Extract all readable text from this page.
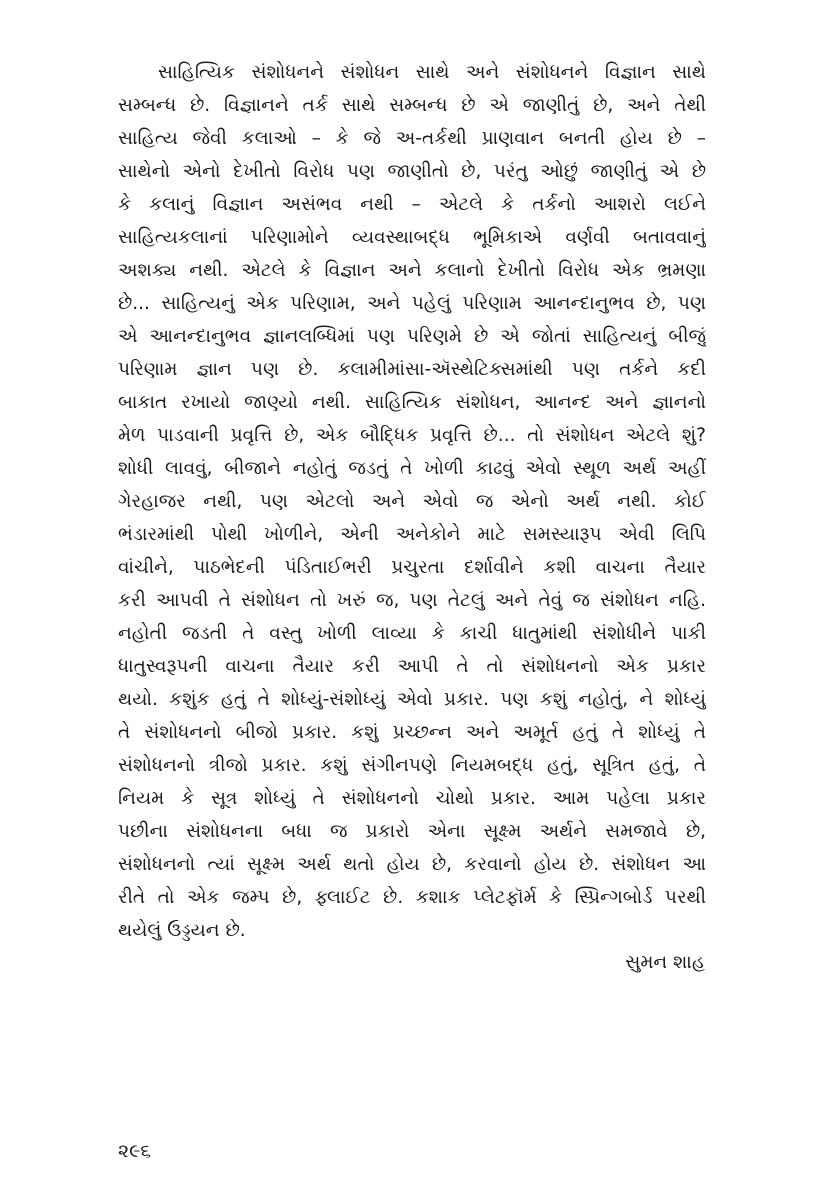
સાહિત્યિક સંશોધનને સંશોધન સાથે અને સંશોધનને વિજ્ઞાન સાથે
સમ્બન્ધ છે. વિજ્ઞાનને તર્ક સાથે સમ્બન્ધ છે એ જાણીતું છે, અને તેથી
સાહિત્ય જેવી કલાઓ – કે જે અ-તર્કથી પ્રાણવાન બનતી હોય છે –
સાથેનો એનો દેખીતો વિરોધ પણ જાણીતો છે, પરંતુ ઓછું જાણીતું એ છે
કે કલાનું વિજ્ઞાન અસંભવ નથી – એટલે કે તર્કનો આશરો લઈને
સાહિત્યકલાનાં પરિણામોને વ્યવસ્થાબદ્ધ ભૂમિકાએ વર્ણવી બતાવવાનું
અશક્ય નથી. એટલે કે વિજ્ઞાન અને કલાનો દેખીતો વિરોધ એક ભ્રમણા
છે... સાહિત્યનું એક પરિણામ, અને પહેલું પરિણામ આનન્દાનુભવ છે, પણ
એ આનન્દાનુભવ જ્ઞાનલબ્ધિમાં પણ પરિણમે છે એ જોતાં સાહિત્યનું બીજું
પરિણામ જ્ઞાન પણ છે. કલામીમાંસા-ઍસ્થેટિક્સમાંથી પણ તર્કને કદી
બાકાત રખાયો જાણ્યો નથી. સાહિત્યિક સંશોધન, આનન્દ અને જ્ઞાનનો
મેળ પાડવાની પ્રવૃત્તિ છે, એક બૌદ્ધિક પ્રવૃત્તિ છે... તો સંશોધન એટલે શું?
શોધી લાવવું, બીજાને નહોતું જડતું તે ખોળી કાઢવું એવો સ્થૂળ અર્થ અહીં
ગેરહાજર નથી, પણ એટલો અને એવો જ એનો અર્થ નથી. કોઈ
ભંડારમાંથી પોથી ખોળીને, એની અનેકોને માટે સમસ્યારૂપ એવી લિપિ
વાંચીને, પાઠભેદની પંડિતાઈભરી પ્રચુરતા દર્શાવીને કશી વાચના તૈયાર
કરી આપવી તે સંશોધન તો ખરું જ, પણ તેટલું અને તેવું જ સંશોધન નહિ.
નહોતી જડતી તે વસ્તુ ખોળી લાવ્યા કે કાચી ધાતુમાંથી સંશોધીને પાકી
ધાતુસ્વરૂપની વાચના તૈયાર કરી આપી તે તો સંશોધનનો એક પ્રકાર
થયો. કશુંક હતું તે શોધ્યું-સંશોધ્યું એવો પ્રકાર. પણ કશું નહોતું, ને શોધ્યું
તે સંશોધનનો બીજો પ્રકાર. કશું પ્રચ્છન્ન અને અમૂર્ત હતું તે શોધ્યું તે
સંશોધનનો ત્રીજો પ્રકાર. કશું સંગીનપણે નિયમબદ્ધ હતું, સૂત્રિત હતું, તે
નિયમ કે સૂત્ર શોધ્યું તે સંશોધનનો ચોથો પ્રકાર. આમ પહેલા પ્રકાર
પછીના સંશોધનના બધા જ પ્રકારો એના સૂક્ષ્મ અર્થને સમજાવે છે,
સંશોધનનો ત્યાં સૂક્ષ્મ અર્થ થતો હોય છે, કરવાનો હોય છે. સંશોધન આ
રીતે તો એક જમ્પ છે, ફ્લાઈટ છે. કશાક પ્લેટફૉર્મ કે સ્પ્રિન્ગબોર્ડ પરથી
થયેલું ઉડ્ડયન છે.
સુમન શાહ
૨૯૬
